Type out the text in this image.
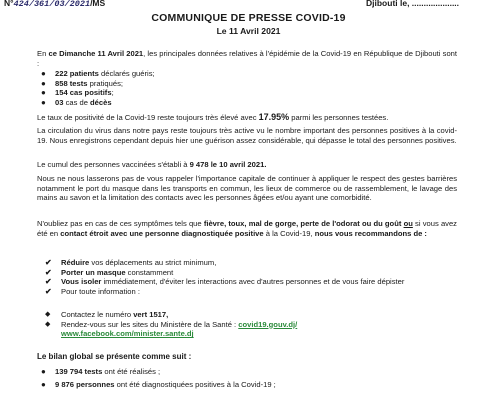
N°424/361/03/2021/MS	Djibouti le, ....................
COMMUNIQUE DE PRESSE COVID-19
Le 11 Avril 2021
En ce Dimanche 11 Avril 2021, les principales données relatives à l'épidémie de la Covid-19 en République de Djibouti sont :
● 222 patients déclarés guéris;
● 858 tests pratiqués;
● 154 cas positifs;
● 03 cas de décès
Le taux de positivité de la Covid-19 reste toujours très élevé avec 17.95% parmi les personnes testées.
La circulation du virus dans notre pays reste toujours très active vu le nombre important des personnes positives à la covid-19. Nous enregistrons cependant depuis hier une guérison assez considérable, qui dépasse le total des personnes positives.
Le cumul des personnes vaccinées s'établi à 9 478 le 10 avril 2021.
Nous ne nous lasserons pas de vous rappeler l'importance capitale de continuer à appliquer le respect des gestes barrières notamment le port du masque dans les transports en commun, les lieux de commerce ou de rassemblement, le lavage des mains au savon et la limitation des contacts avec les personnes âgées et/ou ayant une comorbidité.
N'oubliez pas en cas de ces symptômes tels que fièvre, toux, mal de gorge, perte de l'odorat ou du goût ou si vous avez été en contact étroit avec une personne diagnostiquée positive à la Covid-19, nous vous recommandons de :
✔ Réduire vos déplacements au strict minimum,
✔ Porter un masque constamment
✔ Vous isoler immédiatement, d'éviter les interactions avec d'autres personnes et de vous faire dépister
✔ Pour toute information :
◆ Contactez le numéro vert 1517,
◆ Rendez-vous sur les sites du Ministère de la Santé : covid19.gouv.dj/
www.facebook.com/minister.sante.dj
Le bilan global se présente comme suit :
● 139 794 tests ont été réalisés ;
● 9 876 personnes ont été diagnostiquées positives à la Covid-19 ;
